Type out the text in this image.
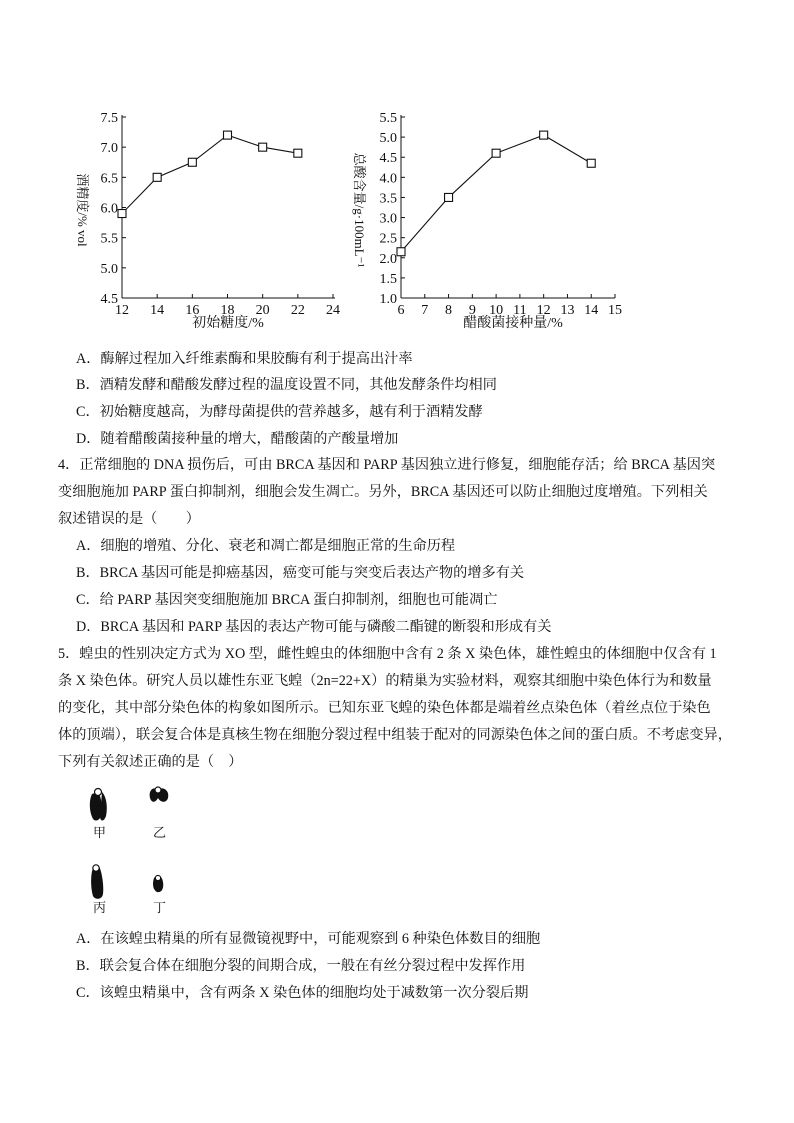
初始糖度/%
酒精度/% vol
12 14 16 18 20 22 24
7.5
7.0
6.5
6.0
5.5
5.0
4.5
醋酸菌接种量/%
总酸含量/g·100mL⁻¹
6 7 8 9 10 11 12 13 14 15
5.5
5.0
4.5
4.0
3.5
3.0
2.5
2.0
1.5
1.0
A．酶解过程加入纤维素酶和果胶酶有利于提高出汁率
B．酒精发酵和醋酸发酵过程的温度设置不同，其他发酵条件均相同
C．初始糖度越高，为酵母菌提供的营养越多，越有利于酒精发酵
D．随着醋酸菌接种量的增大，醋酸菌的产酸量增加
4．正常细胞的 DNA 损伤后，可由 BRCA 基因和 PARP 基因独立进行修复，细胞能存活；给 BRCA 基因突
变细胞施加 PARP 蛋白抑制剂，细胞会发生凋亡。另外，BRCA 基因还可以防止细胞过度增殖。下列相关
叙述错误的是（　　）
A．细胞的增殖、分化、衰老和凋亡都是细胞正常的生命历程
B．BRCA 基因可能是抑癌基因，癌变可能与突变后表达产物的增多有关
C．给 PARP 基因突变细胞施加 BRCA 蛋白抑制剂，细胞也可能凋亡
D．BRCA 基因和 PARP 基因的表达产物可能与磷酸二酯键的断裂和形成有关
5．蝗虫的性别决定方式为 XO 型，雌性蝗虫的体细胞中含有 2 条 X 染色体，雄性蝗虫的体细胞中仅含有 1
条 X 染色体。研究人员以雄性东亚飞蝗（2n=22+X）的精巢为实验材料，观察其细胞中染色体行为和数量
的变化，其中部分染色体的构象如图所示。已知东亚飞蝗的染色体都是端着丝点染色体（着丝点位于染色
体的顶端），联会复合体是真核生物在细胞分裂过程中组装于配对的同源染色体之间的蛋白质。不考虑变异，
下列有关叙述正确的是（　）
甲	乙
丙	丁
A．在该蝗虫精巢的所有显微镜视野中，可能观察到 6 种染色体数目的细胞
B．联会复合体在细胞分裂的间期合成，一般在有丝分裂过程中发挥作用
C．该蝗虫精巢中，含有两条 X 染色体的细胞均处于减数第一次分裂后期
